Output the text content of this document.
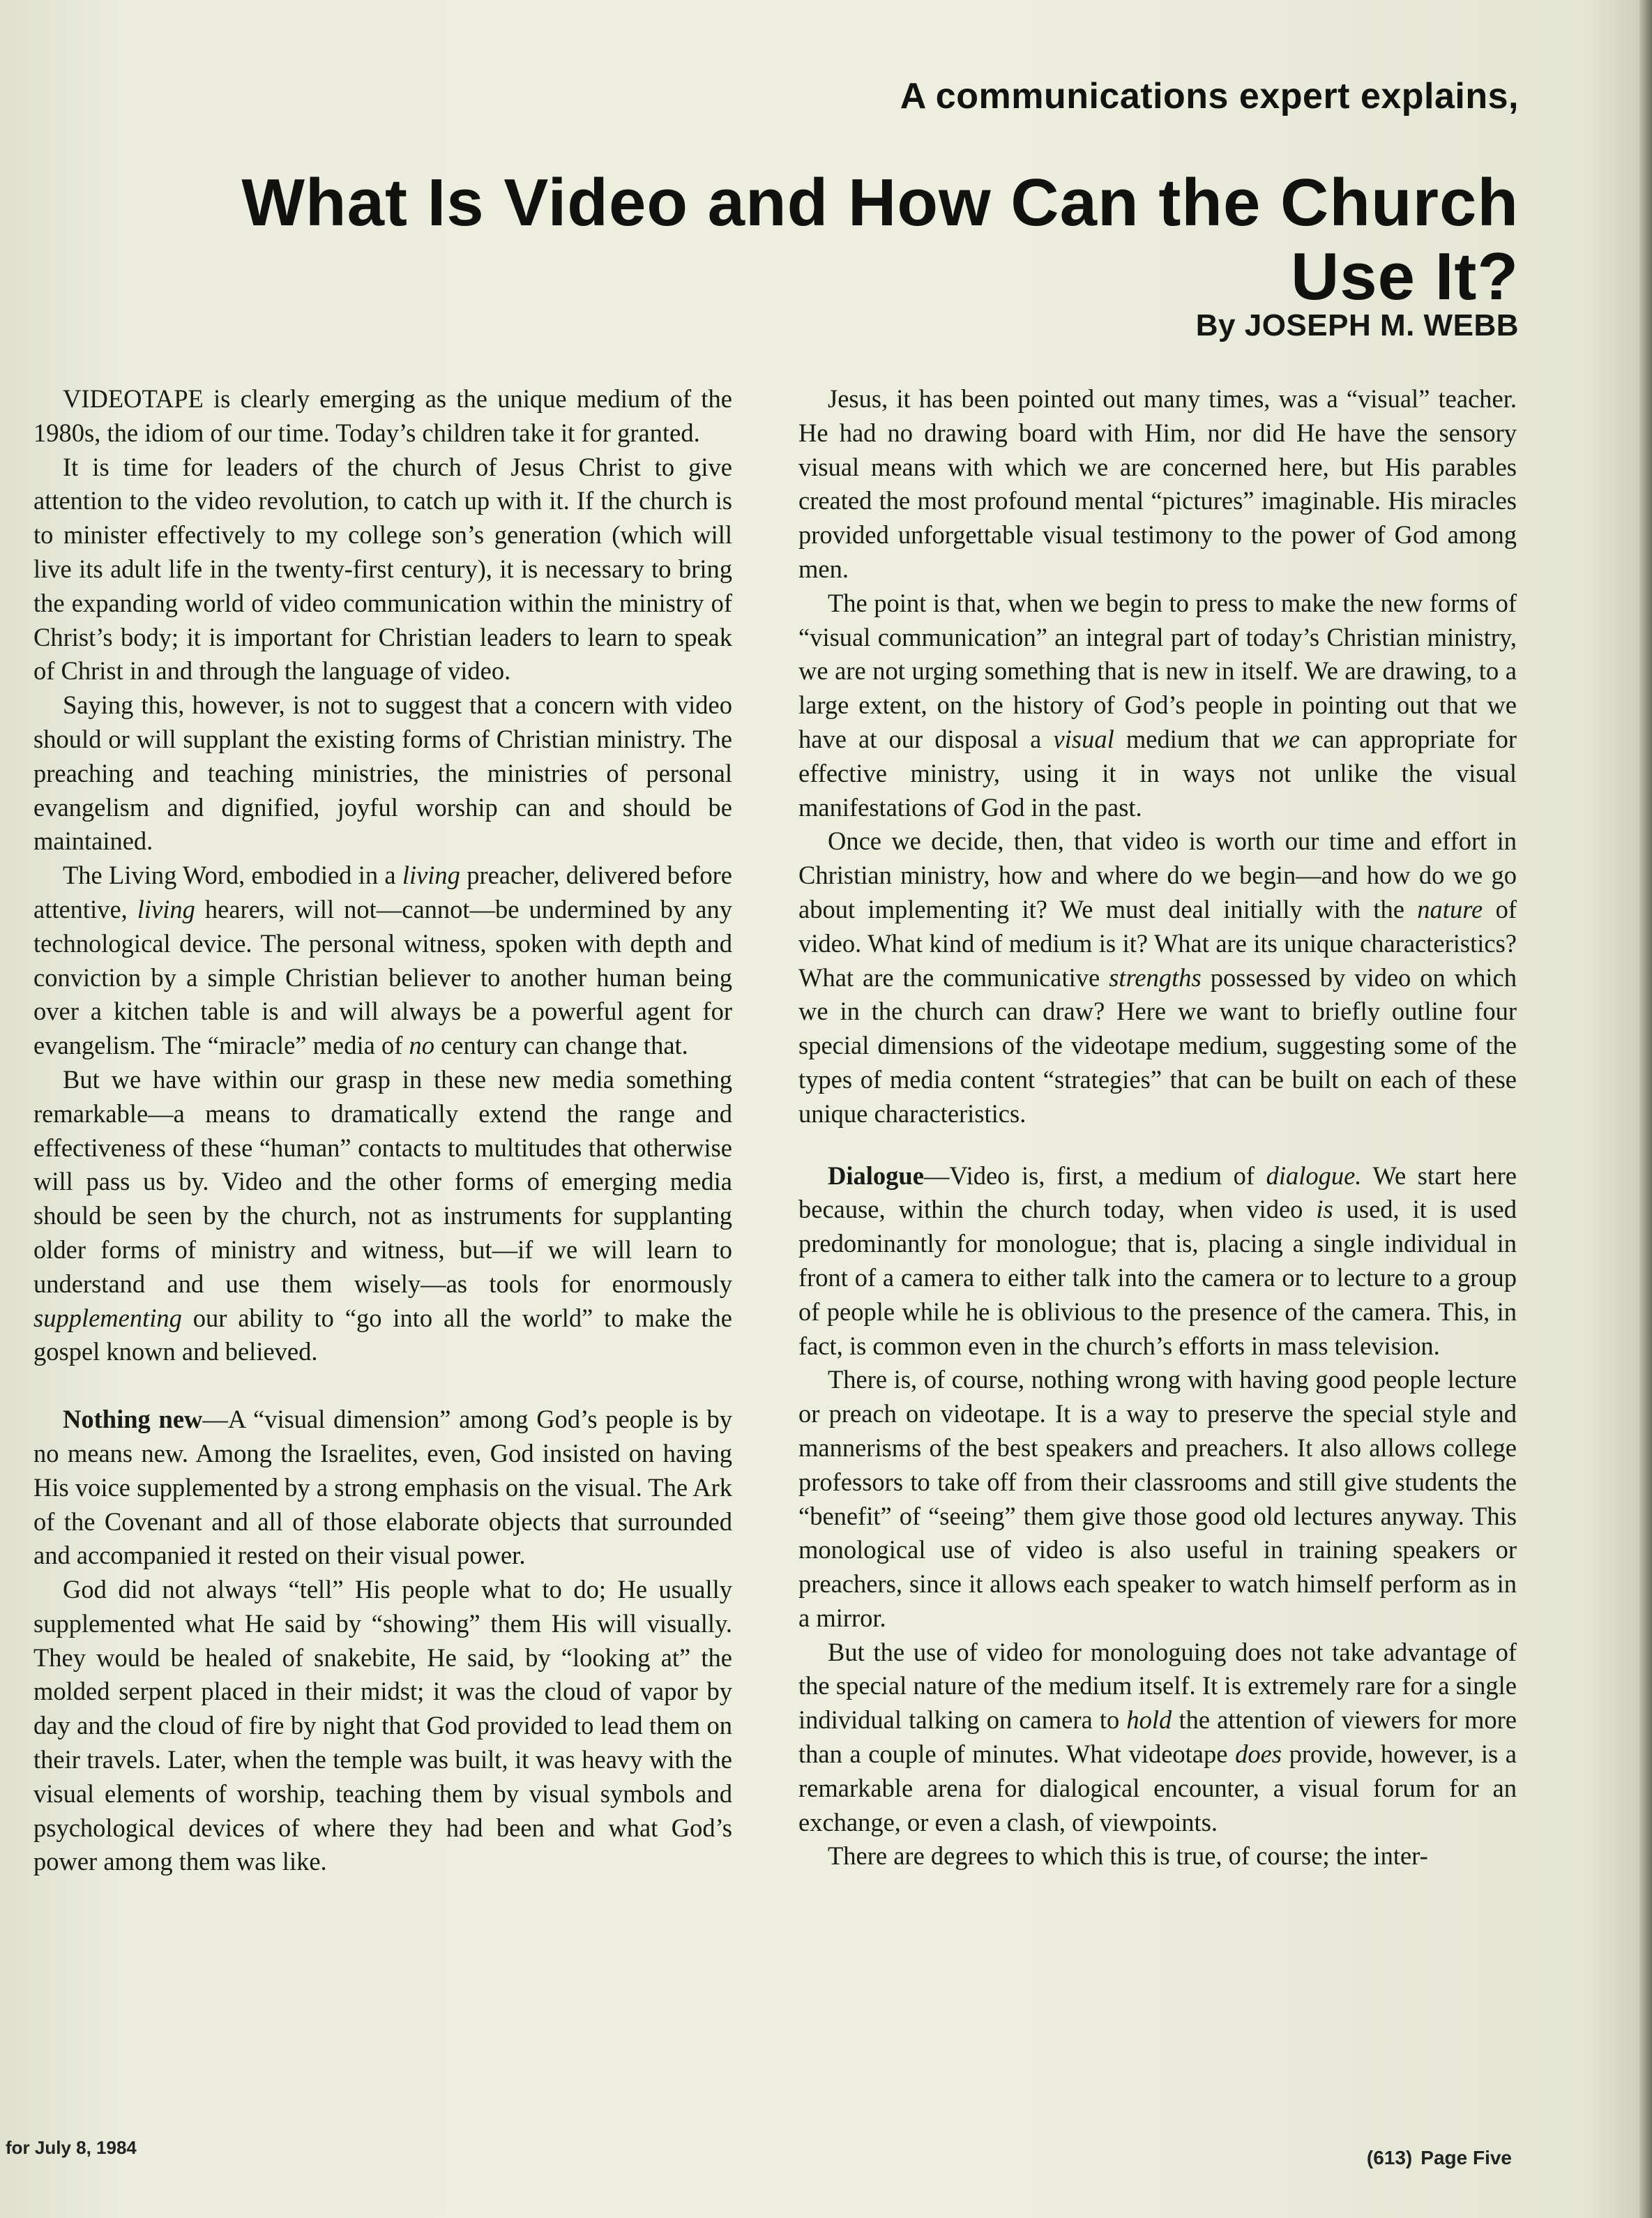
A communications expert explains,

What Is Video and How Can the Church Use It?

By JOSEPH M. WEBB

VIDEOTAPE is clearly emerging as the unique medium of the 1980s, the idiom of our time. Today’s children take it for granted.

It is time for leaders of the church of Jesus Christ to give attention to the video revolution, to catch up with it. If the church is to minister effectively to my college son’s generation (which will live its adult life in the twenty-first century), it is necessary to bring the expanding world of video communication within the ministry of Christ’s body; it is important for Christian leaders to learn to speak of Christ in and through the language of video.

Saying this, however, is not to suggest that a concern with video should or will supplant the existing forms of Christian ministry. The preaching and teaching ministries, the ministries of personal evangelism and dignified, joyful worship can and should be maintained.

The Living Word, embodied in a living preacher, delivered before attentive, living hearers, will not—cannot—be undermined by any technological device. The personal witness, spoken with depth and conviction by a simple Christian believer to another human being over a kitchen table is and will always be a powerful agent for evangelism. The “miracle” media of no century can change that.

But we have within our grasp in these new media something remarkable—a means to dramatically extend the range and effectiveness of these “human” contacts to multitudes that otherwise will pass us by. Video and the other forms of emerging media should be seen by the church, not as instruments for supplanting older forms of ministry and witness, but—if we will learn to understand and use them wisely—as tools for enormously supplementing our ability to “go into all the world” to make the gospel known and believed.

Nothing new—A “visual dimension” among God’s people is by no means new. Among the Israelites, even, God insisted on having His voice supplemented by a strong emphasis on the visual. The Ark of the Covenant and all of those elaborate objects that surrounded and accompanied it rested on their visual power.

God did not always “tell” His people what to do; He usually supplemented what He said by “showing” them His will visually. They would be healed of snakebite, He said, by “looking at” the molded serpent placed in their midst; it was the cloud of vapor by day and the cloud of fire by night that God provided to lead them on their travels. Later, when the temple was built, it was heavy with the visual elements of worship, teaching them by visual symbols and psychological devices of where they had been and what God’s power among them was like.

Jesus, it has been pointed out many times, was a “visual” teacher. He had no drawing board with Him, nor did He have the sensory visual means with which we are concerned here, but His parables created the most profound mental “pictures” imaginable. His miracles provided unforgettable visual testimony to the power of God among men.

The point is that, when we begin to press to make the new forms of “visual communication” an integral part of today’s Christian ministry, we are not urging something that is new in itself. We are drawing, to a large extent, on the history of God’s people in pointing out that we have at our disposal a visual medium that we can appropriate for effective ministry, using it in ways not unlike the visual manifestations of God in the past.

Once we decide, then, that video is worth our time and effort in Christian ministry, how and where do we begin—and how do we go about implementing it? We must deal initially with the nature of video. What kind of medium is it? What are its unique characteristics? What are the communicative strengths possessed by video on which we in the church can draw? Here we want to briefly outline four special dimensions of the videotape medium, suggesting some of the types of media content “strategies” that can be built on each of these unique characteristics.

Dialogue—Video is, first, a medium of dialogue. We start here because, within the church today, when video is used, it is used predominantly for monologue; that is, placing a single individual in front of a camera to either talk into the camera or to lecture to a group of people while he is oblivious to the presence of the camera. This, in fact, is common even in the church’s efforts in mass television.

There is, of course, nothing wrong with having good people lecture or preach on videotape. It is a way to preserve the special style and mannerisms of the best speakers and preachers. It also allows college professors to take off from their classrooms and still give students the “benefit” of “seeing” them give those good old lectures anyway. This monological use of video is also useful in training speakers or preachers, since it allows each speaker to watch himself perform as in a mirror.

But the use of video for monologuing does not take advantage of the special nature of the medium itself. It is extremely rare for a single individual talking on camera to hold the attention of viewers for more than a couple of minutes. What videotape does provide, however, is a remarkable arena for dialogical encounter, a visual forum for an exchange, or even a clash, of viewpoints.

There are degrees to which this is true, of course; the inter-

for July 8, 1984	(613) Page Five
